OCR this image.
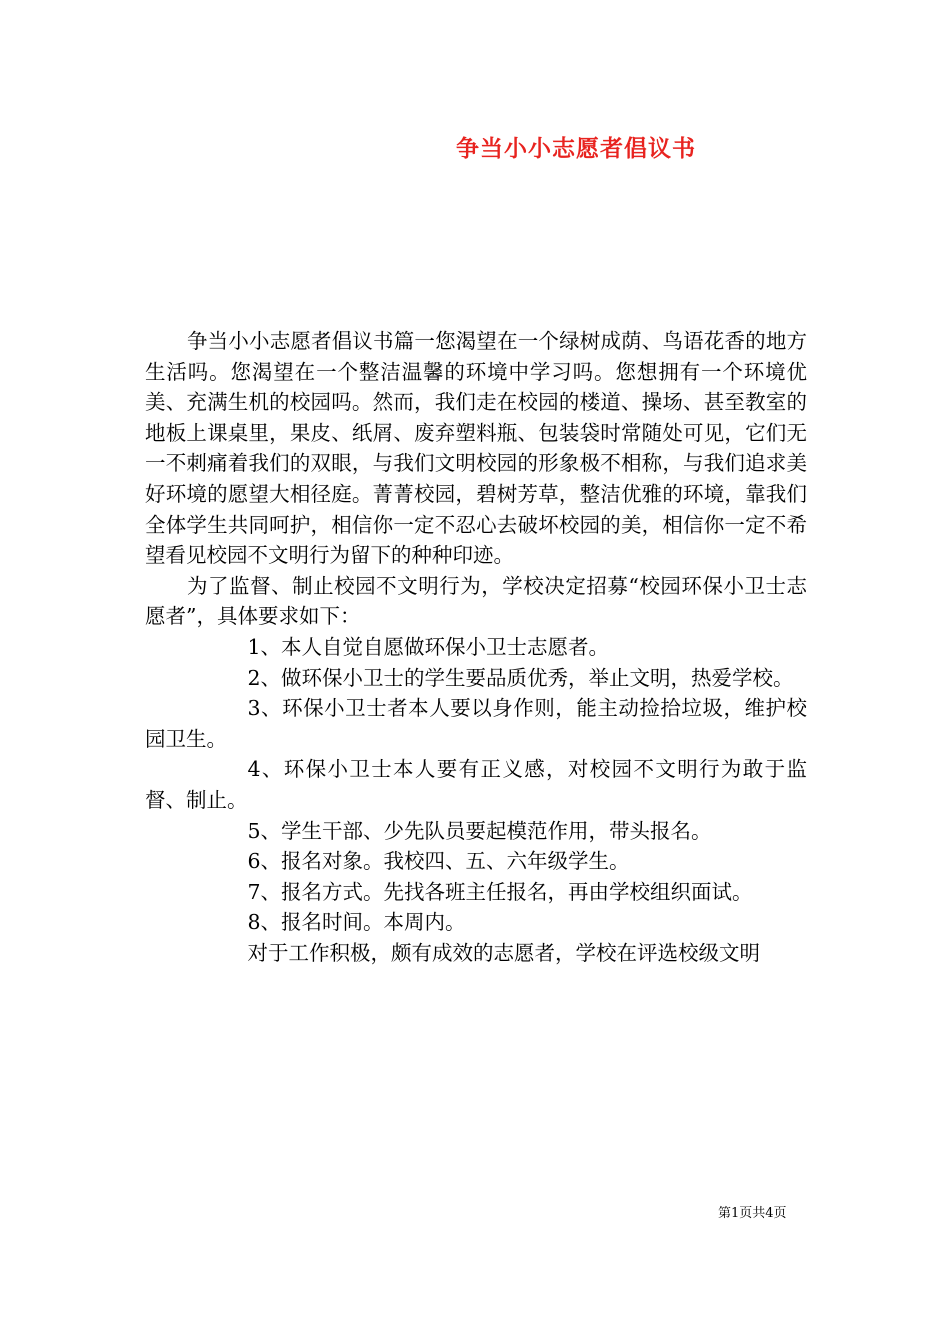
争当小小志愿者倡议书

争当小小志愿者倡议书篇一您渴望在一个绿树成荫、鸟语花香的地方生活吗。您渴望在一个整洁温馨的环境中学习吗。您想拥有一个环境优美、充满生机的校园吗。然而，我们走在校园的楼道、操场、甚至教室的地板上课桌里，果皮、纸屑、废弃塑料瓶、包装袋时常随处可见，它们无一不刺痛着我们的双眼，与我们文明校园的形象极不相称，与我们追求美好环境的愿望大相径庭。菁菁校园，碧树芳草，整洁优雅的环境，靠我们全体学生共同呵护，相信你一定不忍心去破坏校园的美，相信你一定不希望看见校园不文明行为留下的种种印迹。

为了监督、制止校园不文明行为，学校决定招募“校园环保小卫士志愿者”，具体要求如下：

1、本人自觉自愿做环保小卫士志愿者。

2、做环保小卫士的学生要品质优秀，举止文明，热爱学校。

3、环保小卫士者本人要以身作则，能主动捡拾垃圾，维护校园卫生。

4、环保小卫士本人要有正义感，对校园不文明行为敢于监督、制止。

5、学生干部、少先队员要起模范作用，带头报名。

6、报名对象。我校四、五、六年级学生。

7、报名方式。先找各班主任报名，再由学校组织面试。

8、报名时间。本周内。

对于工作积极，颇有成效的志愿者，学校在评选校级文明

第1页共4页
